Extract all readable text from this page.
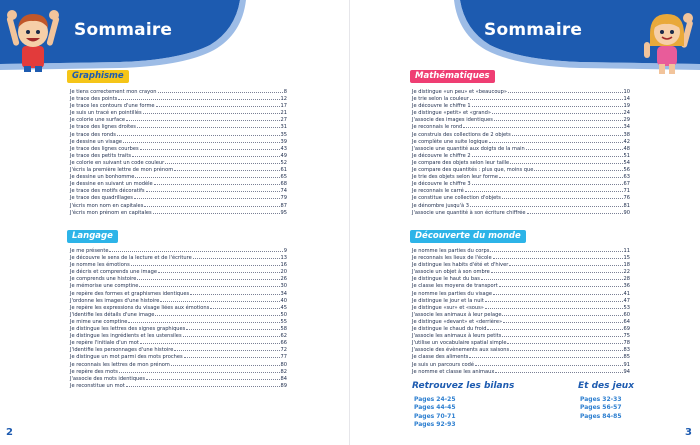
Sommaire
Graphisme
Je tiens correctement mon crayon	8
Je trace des points	12
Je trace les contours d'une forme	17
Je suis un tracé en pointillés	21
Je colorie une surface	27
Je trace des lignes droites	31
Je trace des ronds	35
Je dessine un visage	39
Je trace des lignes courbes	43
Je trace des petits traits	49
Je colorie en suivant un code couleur	52
J'écris la première lettre de mon prénom	61
Je dessine un bonhomme	65
Je dessine en suivant un modèle	68
Je trace des motifs décoratifs	74
Je trace des quadrillages	79
J'écris mon nom en capitales	87
J'écris mon prénom en capitales	95
Langage
Je me présente	9
Je découvre le sens de la lecture et de l'écriture	13
Je nomme les émotions	16
Je décris et comprends une image	20
Je comprends une histoire	26
Je mémorise une comptine	30
Je repère des formes et graphismes identiques	34
J'ordonne les images d'une histoire	40
Je repère les expressions du visage liées aux émotions	45
J'identifie les détails d'une image	50
Je mime une comptine	55
Je distingue les lettres des signes graphiques	58
Je distingue les ingrédients et les ustensiles	62
Je repère l'initiale d'un mot	66
J'identifie les personnages d'une histoire	72
Je distingue un mot parmi des mots proches	77
Je reconnais les lettres de mon prénom	80
Je repère des mots	82
J'associe des mots identiques	84
Je reconstitue un mot	89
2
Sommaire
Mathématiques
Je distingue «un peu» et «beaucoup»	10
Je trie selon la couleur	14
Je découvre le chiffre 1	19
Je distingue «petit» et «grand»	24
J'associe des images identiques	29
Je reconnais le rond	34
Je construis des collections de 2 objets	38
Je complète une suite logique	42
J'associe une quantité aux doigts de la main	48
Je découvre le chiffre 2	51
Je compare des objets selon leur taille	54
Je compare des quantités : plus que, moins que	56
Je trie des objets selon leur forme	63
Je découvre le chiffre 3	67
Je reconnais le carré	71
Je constitue une collection d'objets	76
Je dénombre jusqu'à 3	81
J'associe une quantité à son écriture chiffrée	90
Découverte du monde
Je nomme les parties du corps	11
Je reconnais les lieux de l'école	15
Je distingue les habits d'été et d'hiver	18
J'associe un objet à son ombre	22
Je distingue le haut du bas	28
Je classe les moyens de transport	36
Je nomme les parties du visage	41
Je distingue le jour et la nuit	47
Je distingue «sur» et «sous»	53
J'associe les animaux à leur pelage	60
Je distingue «devant» et «derrière»	64
Je distingue le chaud du froid	69
J'associe les animaux à leurs petits	75
J'utilise un vocabulaire spatial simple	78
J'associe des évènements aux saisons	83
Je classe des aliments	85
Je suis un parcours codé	91
Je nomme et classe les animaux	94
Retrouvez les bilans
Pages 24-25
Pages 44-45
Pages 70-71
Pages 92-93
Et des jeux
Pages 32-33
Pages 56-57
Pages 84-85
3
